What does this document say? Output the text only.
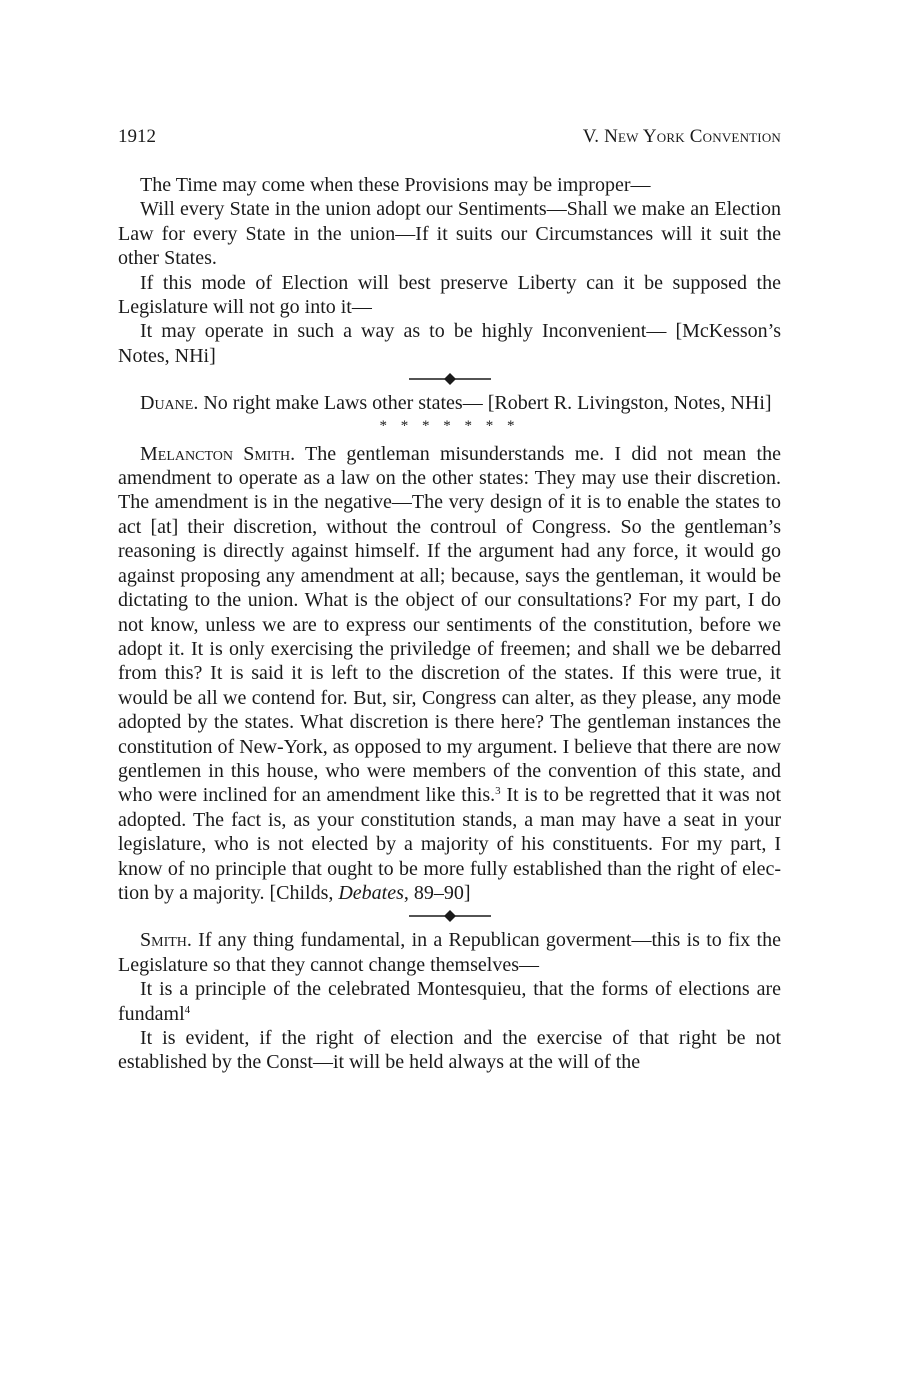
1912	V. New York Convention

The Time may come when these Provisions may be improper—

Will every State in the union adopt our Sentiments—Shall we make an Election Law for every State in the union—If it suits our Circumstances will it suit the other States.

If this mode of Election will best preserve Liberty can it be supposed the Legislature will not go into it—

It may operate in such a way as to be highly Inconvenient— [McKesson’s Notes, NHi]

Duane. No right make Laws other states— [Robert R. Livingston, Notes, NHi]

* * * * * * *

Melancton Smith. The gentleman misunderstands me. I did not mean the amendment to operate as a law on the other states: They may use their discretion. The amendment is in the negative—The very design of it is to enable the states to act [at] their discretion, without the controul of Congress. So the gentleman’s reasoning is directly against himself. If the argument had any force, it would go against proposing any amendment at all; because, says the gentleman, it would be dictating to the union. What is the object of our consultations? For my part, I do not know, unless we are to express our sentiments of the constitution, before we adopt it. It is only exercising the priviledge of freemen; and shall we be debarred from this? It is said it is left to the discretion of the states. If this were true, it would be all we contend for. But, sir, Congress can alter, as they please, any mode adopted by the states. What discretion is there here? The gentleman instances the constitution of New-York, as opposed to my argument. I believe that there are now gentlemen in this house, who were members of the convention of this state, and who were inclined for an amendment like this.$^3$ It is to be regretted that it was not adopted. The fact is, as your constitution stands, a man may have a seat in your legislature, who is not elected by a majority of his constituents. For my part, I know of no principle that ought to be more fully established than the right of election by a majority. [Childs, Debates, 89–90]

Smith. If any thing fundamental, in a Republican goverment—this is to fix the Legislature so that they cannot change themselves—

It is a principle of the celebrated Montesquieu, that the forms of elections are fundaml$^4$

It is evident, if the right of election and the exercise of that right be not established by the Const—it will be held always at the will of the
